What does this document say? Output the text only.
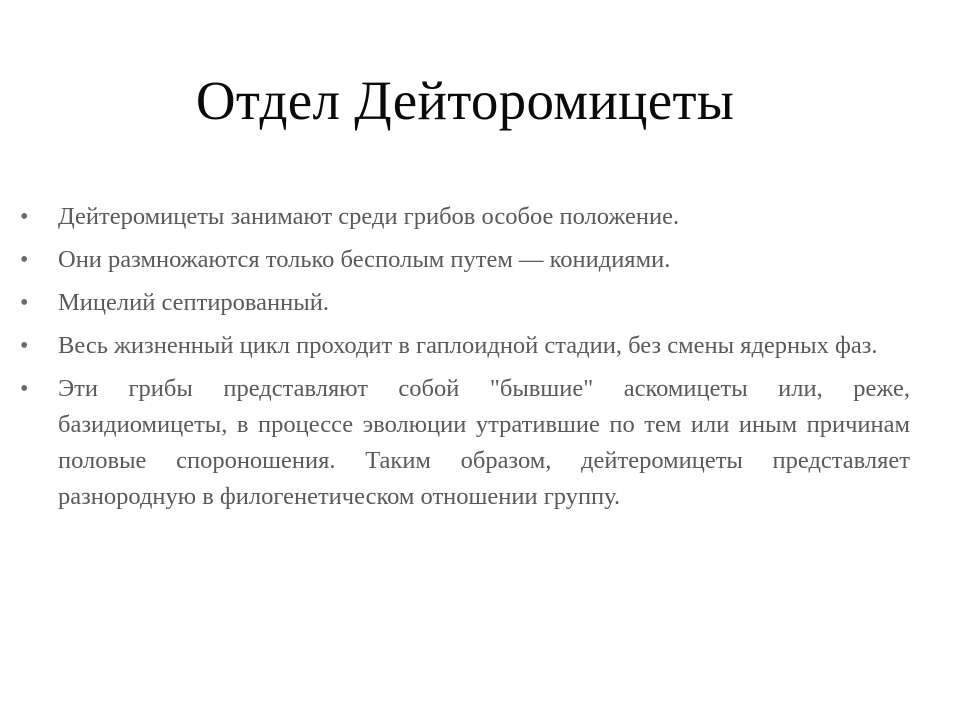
Отдел Дейторомицеты
• Дейтеромицеты занимают среди грибов особое положение.
• Они размножаются только бесполым путем — конидиями.
• Мицелий септированный.
• Весь жизненный цикл проходит в гаплоидной стадии, без смены ядерных фаз.
• Эти грибы представляют собой "бывшие" аскомицеты или, реже, базидиомицеты, в процессе эволюции утратившие по тем или иным причинам половые спороношения. Таким образом, дейтеромицеты представляет разнородную в филогенетическом отношении группу.
